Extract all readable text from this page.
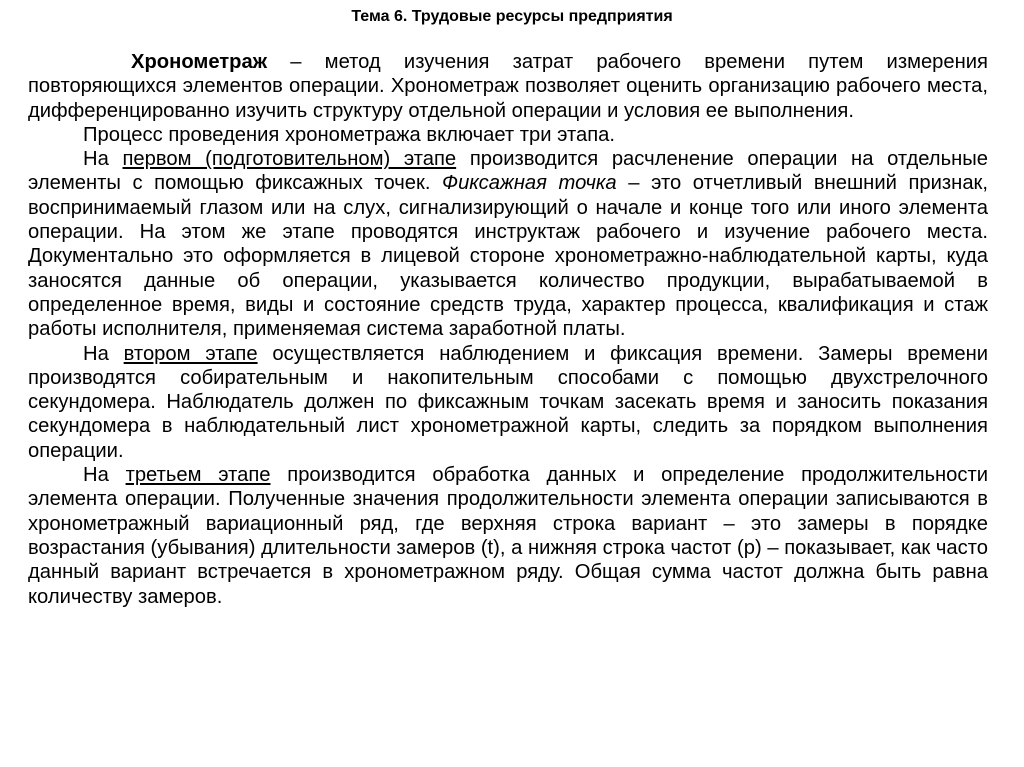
Тема 6. Трудовые ресурсы предприятия

Хронометраж – метод изучения затрат рабочего времени путем измерения повторяющихся элементов операции. Хронометраж позволяет оценить организацию рабочего места, дифференцированно изучить структуру отдельной операции и условия ее выполнения.

Процесс проведения хронометража включает три этапа.

На первом (подготовительном) этапе производится расчленение операции на отдельные элементы с помощью фиксажных точек. Фиксажная точка – это отчетливый внешний признак, воспринимаемый глазом или на слух, сигнализирующий о начале и конце того или иного элемента операции. На этом же этапе проводятся инструктаж рабочего и изучение рабочего места. Документально это оформляется в лицевой стороне хронометражно-наблюдательной карты, куда заносятся данные об операции, указывается количество продукции, вырабатываемой в определенное время, виды и состояние средств труда, характер процесса, квалификация и стаж работы исполнителя, применяемая система заработной платы.

На втором этапе осуществляется наблюдением и фиксация времени. Замеры времени производятся собирательным и накопительным способами с помощью двухстрелочного секундомера. Наблюдатель должен по фиксажным точкам засекать время и заносить показания секундомера в наблюдательный лист хронометражной карты, следить за порядком выполнения операции.

На третьем этапе производится обработка данных и определение продолжительности элемента операции. Полученные значения продолжительности элемента операции записываются в хронометражный вариационный ряд, где верхняя строка вариант – это замеры в порядке возрастания (убывания) длительности замеров (t), а нижняя строка частот (p) – показывает, как часто данный вариант встречается в хронометражном ряду. Общая сумма частот должна быть равна количеству замеров.
